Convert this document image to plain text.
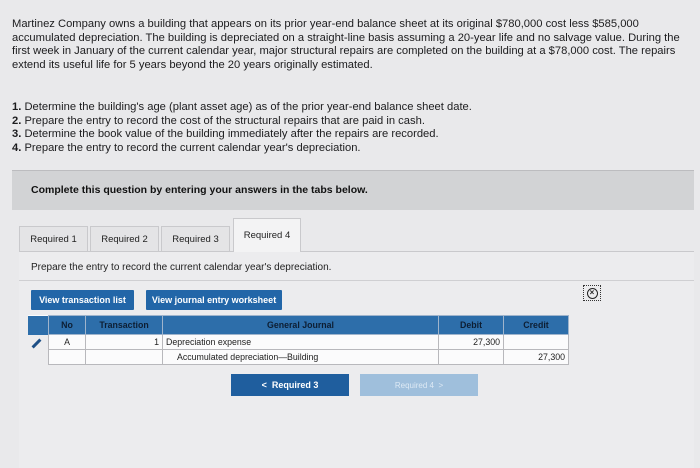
Martinez Company owns a building that appears on its prior year-end balance sheet at its original $780,000 cost less $585,000 accumulated depreciation. The building is depreciated on a straight-line basis assuming a 20-year life and no salvage value. During the first week in January of the current calendar year, major structural repairs are completed on the building at a $78,000 cost. The repairs extend its useful life for 5 years beyond the 20 years originally estimated.
1. Determine the building's age (plant asset age) as of the prior year-end balance sheet date.
2. Prepare the entry to record the cost of the structural repairs that are paid in cash.
3. Determine the book value of the building immediately after the repairs are recorded.
4. Prepare the entry to record the current calendar year's depreciation.
Complete this question by entering your answers in the tabs below.
Required 1	Required 2	Required 3	Required 4
Prepare the entry to record the current calendar year's depreciation.
View transaction list	View journal entry worksheet
×
	No	Transaction	General Journal	Debit	Credit
	A	1	Depreciation expense	27,300	
			Accumulated depreciation—Building		27,300
<
Required 3	Required 4
>
